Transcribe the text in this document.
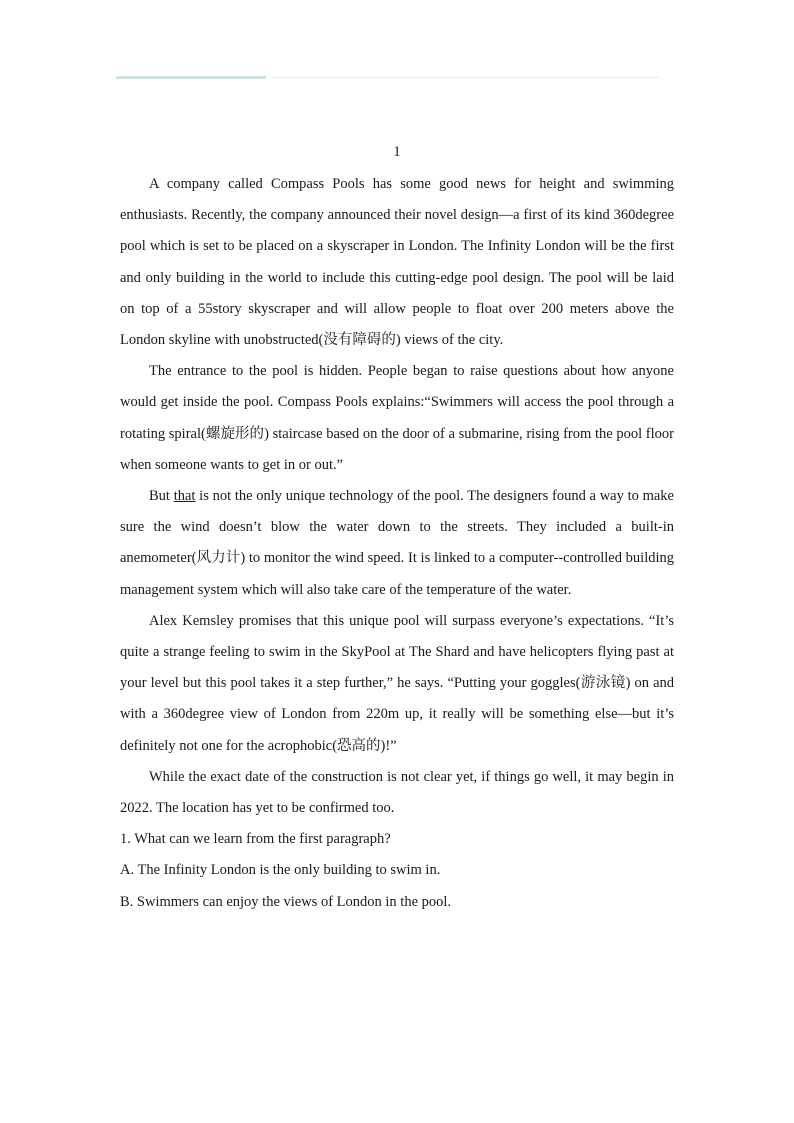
1

A company called Compass Pools has some good news for height and swimming enthusiasts. Recently, the company announced their novel design—a first of its kind 360degree pool which is set to be placed on a skyscraper in London. The Infinity London will be the first and only building in the world to include this cutting-edge pool design. The pool will be laid on top of a 55story skyscraper and will allow people to float over 200 meters above the London skyline with unobstructed(没有障碍的) views of the city.

The entrance to the pool is hidden. People began to raise questions about how anyone would get inside the pool. Compass Pools explains:“Swimmers will access the pool through a rotating spiral(螺旋形的) staircase based on the door of a submarine, rising from the pool floor when someone wants to get in or out.”

But that is not the only unique technology of the pool. The designers found a way to make sure the wind doesn’t blow the water down to the streets. They included a built-in anemometer(风力计) to monitor the wind speed. It is linked to a computer--controlled building management system which will also take care of the temperature of the water.

Alex Kemsley promises that this unique pool will surpass everyone’s expectations. “It’s quite a strange feeling to swim in the SkyPool at The Shard and have helicopters flying past at your level but this pool takes it a step further,” he says. “Putting your goggles(游泳镜) on and with a 360degree view of London from 220m up, it really will be something else—but it’s definitely not one for the acrophobic(恐高的)!”

While the exact date of the construction is not clear yet, if things go well, it may begin in 2022. The location has yet to be confirmed too.

1. What can we learn from the first paragraph?

A. The Infinity London is the only building to swim in.

B. Swimmers can enjoy the views of London in the pool.
